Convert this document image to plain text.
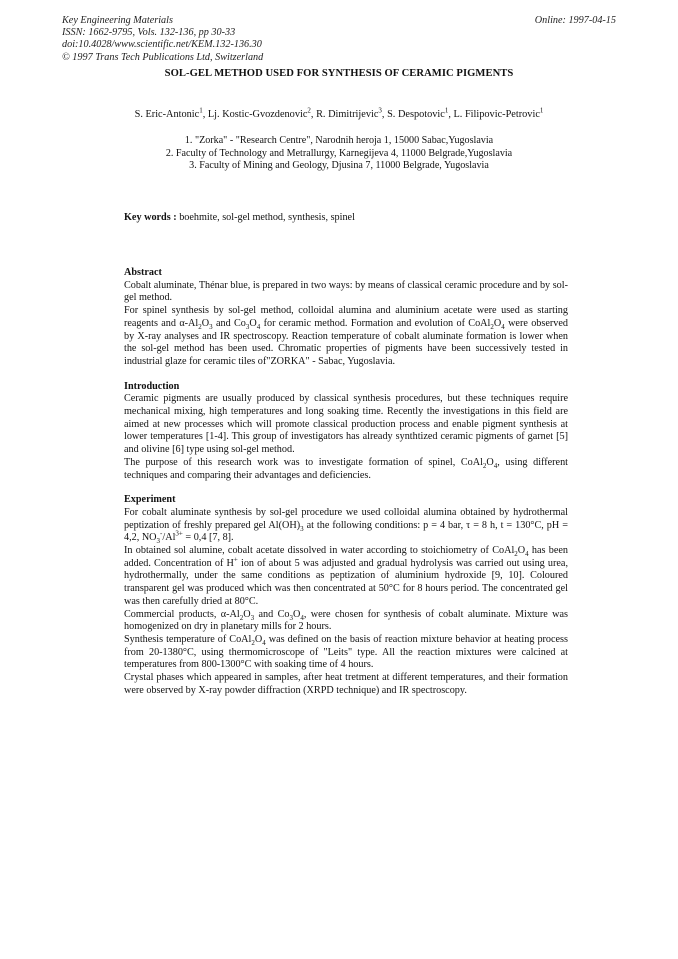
Key Engineering Materials
ISSN: 1662-9795, Vols. 132-136, pp 30-33
doi:10.4028/www.scientific.net/KEM.132-136.30
© 1997 Trans Tech Publications Ltd, Switzerland
Online: 1997-04-15
SOL-GEL METHOD USED FOR SYNTHESIS OF CERAMIC PIGMENTS
S. Eric-Antonic$^1$, Lj. Kostic-Gvozdenovic$^2$, R. Dimitrijevic$^3$, S. Despotovic$^1$, L. Filipovic-Petrovic$^1$
1. "Zorka" - "Research Centre", Narodnih heroja 1, 15000 Sabac,Yugoslavia
2. Faculty of Technology and Metrallurgy, Karnegijeva 4, 11000 Belgrade,Yugoslavia
3. Faculty of Mining and Geology, Djusina 7, 11000 Belgrade, Yugoslavia
Key words : boehmite, sol-gel method, synthesis, spinel

Abstract

Cobalt aluminate, Thénar blue, is prepared in two ways: by means of classical ceramic procedure and by sol-gel method.

For spinel synthesis by sol-gel method, colloidal alumina and aluminium acetate were used as starting reagents and $\alpha-Al_2O_3$ and $Co_3O_4$ for ceramic method. Formation and evolution of $CoAl_2O_4$ were observed by X-ray analyses and IR spectroscopy. Reaction temperature of cobalt aluminate formation is lower when the sol-gel method has been used. Chromatic properties of pigments have been successively tested in industrial glaze for ceramic tiles of"ZORKA" - Sabac, Yugoslavia.

Introduction

Ceramic pigments are usually produced by classical synthesis procedures, but these techniques require mechanical mixing, high temperatures and long soaking time. Recently the investigations in this field are aimed at new processes which will promote classical production process and enable pigment synthesis at lower temperatures [1-4]. This group of investigators has already synthtized ceramic pigments of garnet [5] and olivine [6] type using sol-gel method.

The purpose of this research work was to investigate formation of spinel, $CoAl_2O_4$, using different techniques and comparing their advantages and deficiencies.

Experiment

For cobalt aluminate synthesis by sol-gel procedure we used colloidal alumina obtained by hydrothermal peptization of freshly prepared gel $Al(OH)_3$ at the following conditions: p = 4 bar, τ = 8 h, t = 130°C, pH = 4,2, $NO_3^-/Al^{3+} = 0,4$ [7, 8].

In obtained sol alumine, cobalt acetate dissolved in water according to stoichiometry of $CoAl_2O_4$ has been added. Concentration of H+ ion of about 5 was adjusted and gradual hydrolysis was carried out using urea, hydrothermally, under the same conditions as peptization of aluminium hydroxide [9, 10]. Coloured transparent gel was produced which was then concentrated at 50°C for 8 hours period. The concentrated gel was then carefully dried at 80°C.

Commercial products, $\alpha-Al_2O_3$ and $Co_3O_4$, were chosen for synthesis of cobalt aluminate. Mixture was homogenized on dry in planetary mills for 2 hours.

Synthesis temperature of $CoAl_2O_4$ was defined on the basis of reaction mixture behavior at heating process from 20-1380°C, using thermomicroscope of "Leits" type. All the reaction mixtures were calcined at temperatures from 800-1300°C with soaking time of 4 hours.

Crystal phases which appeared in samples, after heat tretment at different temperatures, and their formation were observed by X-ray powder diffraction (XRPD technique) and IR spectroscopy.
